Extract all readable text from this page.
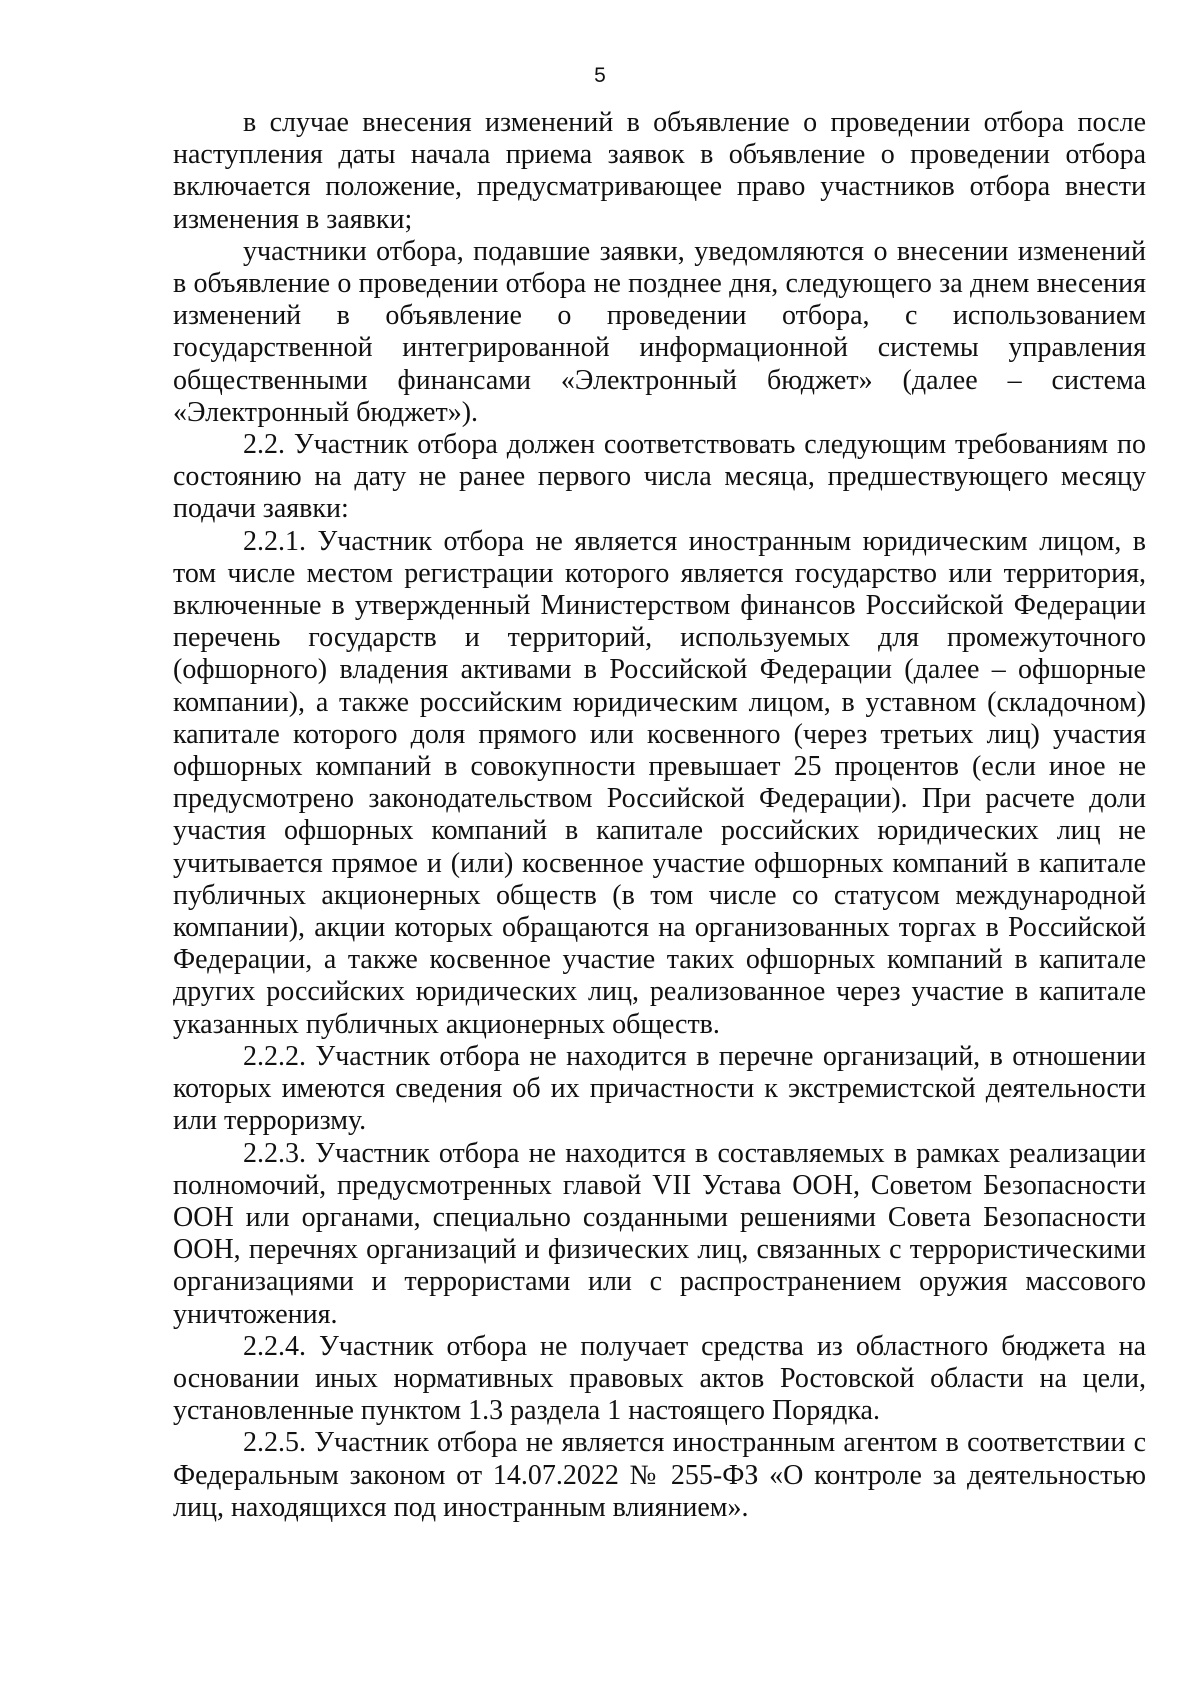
5

в случае внесения изменений в объявление о проведении отбора после наступления даты начала приема заявок в объявление о проведении отбора включается положение, предусматривающее право участников отбора внести изменения в заявки;

участники отбора, подавшие заявки, уведомляются о внесении изменений в объявление о проведении отбора не позднее дня, следующего за днем внесения изменений в объявление о проведении отбора, с использованием государственной интегрированной информационной системы управления общественными финансами «Электронный бюджет» (далее – система «Электронный бюджет»).

2.2. Участник отбора должен соответствовать следующим требованиям по состоянию на дату не ранее первого числа месяца, предшествующего месяцу подачи заявки:

2.2.1. Участник отбора не является иностранным юридическим лицом, в том числе местом регистрации которого является государство или территория, включенные в утвержденный Министерством финансов Российской Федерации перечень государств и территорий, используемых для промежуточного (офшорного) владения активами в Российской Федерации (далее – офшорные компании), а также российским юридическим лицом, в уставном (складочном) капитале которого доля прямого или косвенного (через третьих лиц) участия офшорных компаний в совокупности превышает 25 процентов (если иное не предусмотрено законодательством Российской Федерации). При расчете доли участия офшорных компаний в капитале российских юридических лиц не учитывается прямое и (или) косвенное участие офшорных компаний в капитале публичных акционерных обществ (в том числе со статусом международной компании), акции которых обращаются на организованных торгах в Российской Федерации, а также косвенное участие таких офшорных компаний в капитале других российских юридических лиц, реализованное через участие в капитале указанных публичных акционерных обществ.

2.2.2. Участник отбора не находится в перечне организаций, в отношении которых имеются сведения об их причастности к экстремистской деятельности или терроризму.

2.2.3. Участник отбора не находится в составляемых в рамках реализации полномочий, предусмотренных главой VII Устава ООН, Советом Безопасности ООН или органами, специально созданными решениями Совета Безопасности ООН, перечнях организаций и физических лиц, связанных с террористическими организациями и террористами или с распространением оружия массового уничтожения.

2.2.4. Участник отбора не получает средства из областного бюджета на основании иных нормативных правовых актов Ростовской области на цели, установленные пунктом 1.3 раздела 1 настоящего Порядка.

2.2.5. Участник отбора не является иностранным агентом в соответствии с Федеральным законом от 14.07.2022 № 255-ФЗ «О контроле за деятельностью лиц, находящихся под иностранным влиянием».
